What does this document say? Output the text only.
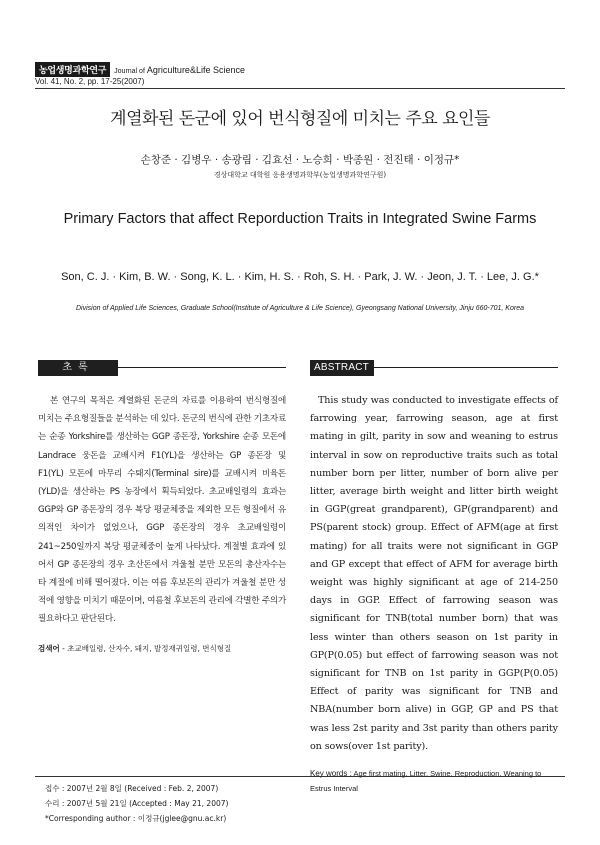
농업생명과학연구	Journal of Agriculture&Life Science
Vol. 41, No. 2, pp. 17-25(2007)
계열화된 돈군에 있어 번식형질에 미치는 주요 요인들
손창준 · 김병우 · 송광림 · 김효선 · 노승희 · 박종원 · 전진태 · 이정규*
경상대학교 대학원 응용생명과학부(농업생명과학연구원)
Primary Factors that affect Reporduction Traits in Integrated Swine Farms
Son, C. J. · Kim, B. W. · Song, K. L. · Kim, H. S. · Roh, S. H. · Park, J. W. · Jeon, J. T. · Lee, J. G.*
Division of Applied Life Sciences, Graduate School(Institute of Agriculture & Life Science), Gyeongsang National University, Jinju 660-701, Korea
초록
본 연구의 목적은 계열화된 돈군의 자료를 이용하여 번식형질에 미치는 주요형질들을 분석하는 데 있다. 돈군의 번식에 관한 기초자료는 순종 Yorkshire를 생산하는 GGP 종돈장, Yorkshire 순종 모돈에 Landrace 웅돈을 교배시켜 F1(YL)을 생산하는 GP 종돈장 및 F1(YL) 모돈에 마무리 수퇘지(Terminal sire)를 교배시켜 비육돈(YLD)을 생산하는 PS 농장에서 획득되었다. 초교배일령의 효과는 GGP와 GP 종돈장의 경우 복당 평균체중을 제외한 모든 형질에서 유의적인 차이가 없었으나, GGP 종돈장의 경우 초교배일령이 241~250일까지 복당 평균체중이 높게 나타났다. 계절별 효과에 있어서 GP 종돈장의 경우 초산돈에서 겨울철 분만 모돈의 총산자수는 타 계절에 비해 떨어졌다. 이는 여름 후보돈의 관리가 겨울철 분만 성적에 영향을 미치기 때문이며, 여름철 후보돈의 관리에 각별한 주의가 필요하다고 판단된다.
검색어 - 초교배일령, 산자수, 돼지, 발정재귀일령, 번식형질
ABSTRACT
This study was conducted to investigate effects of farrowing year, farrowing season, age at first mating in gilt, parity in sow and weaning to estrus interval in sow on reproductive traits such as total number born per litter, number of born alive per litter, average birth weight and litter birth weight in GGP(great grandparent), GP(grandparent) and PS(parent stock) group. Effect of AFM(age at first mating) for all traits were not significant in GGP and GP except that effect of AFM for average birth weight was highly significant at age of 214-250 days in GGP. Effect of farrowing season was significant for TNB(total number born) that was less winter than others season on 1st parity in GP(P(0.05) but effect of farrowing season was not significant for TNB on 1st parity in GGP(P(0.05) Effect of parity was significant for TNB and NBA(number born alive) in GGP, GP and PS that was less 2st parity and 3st parity than others parity on sows(over 1st parity).
Key words : Age first mating, Litter, Swine, Reproduction, Weaning to Estrus Interval
접수 : 2007년 2월 8일 (Received : Feb. 2, 2007)
수리 : 2007년 5월 21일 (Accepted : May 21, 2007)
*Corresponding author : 이정규(jglee@gnu.ac.kr)
